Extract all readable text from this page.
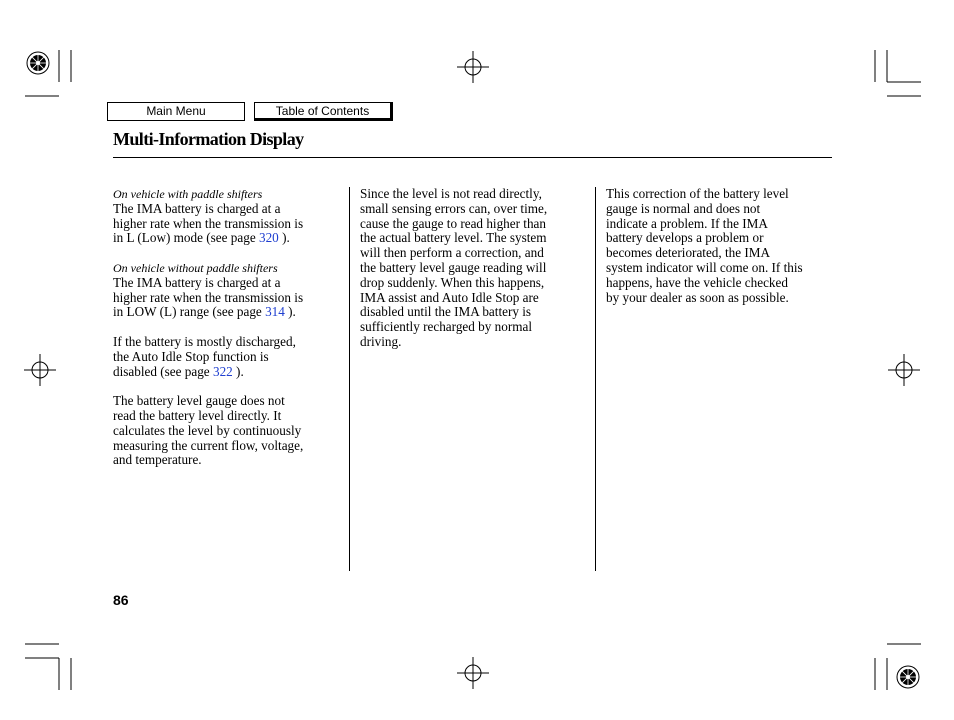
Main Menu	Table of Contents
Multi-Information Display

On vehicle with paddle shifters

The IMA battery is charged at a
higher rate when the transmission is
in L (Low) mode (see page 320 ).

On vehicle without paddle shifters

The IMA battery is charged at a
higher rate when the transmission is
in LOW (L) range (see page 314 ).

If the battery is mostly discharged,
the Auto Idle Stop function is
disabled (see page 322 ).

The battery level gauge does not
read the battery level directly. It
calculates the level by continuously
measuring the current flow, voltage,
and temperature.

Since the level is not read directly,
small sensing errors can, over time,
cause the gauge to read higher than
the actual battery level. The system
will then perform a correction, and
the battery level gauge reading will
drop suddenly. When this happens,
IMA assist and Auto Idle Stop are
disabled until the IMA battery is
sufficiently recharged by normal
driving.

This correction of the battery level
gauge is normal and does not
indicate a problem. If the IMA
battery develops a problem or
becomes deteriorated, the IMA
system indicator will come on. If this
happens, have the vehicle checked
by your dealer as soon as possible.

86
